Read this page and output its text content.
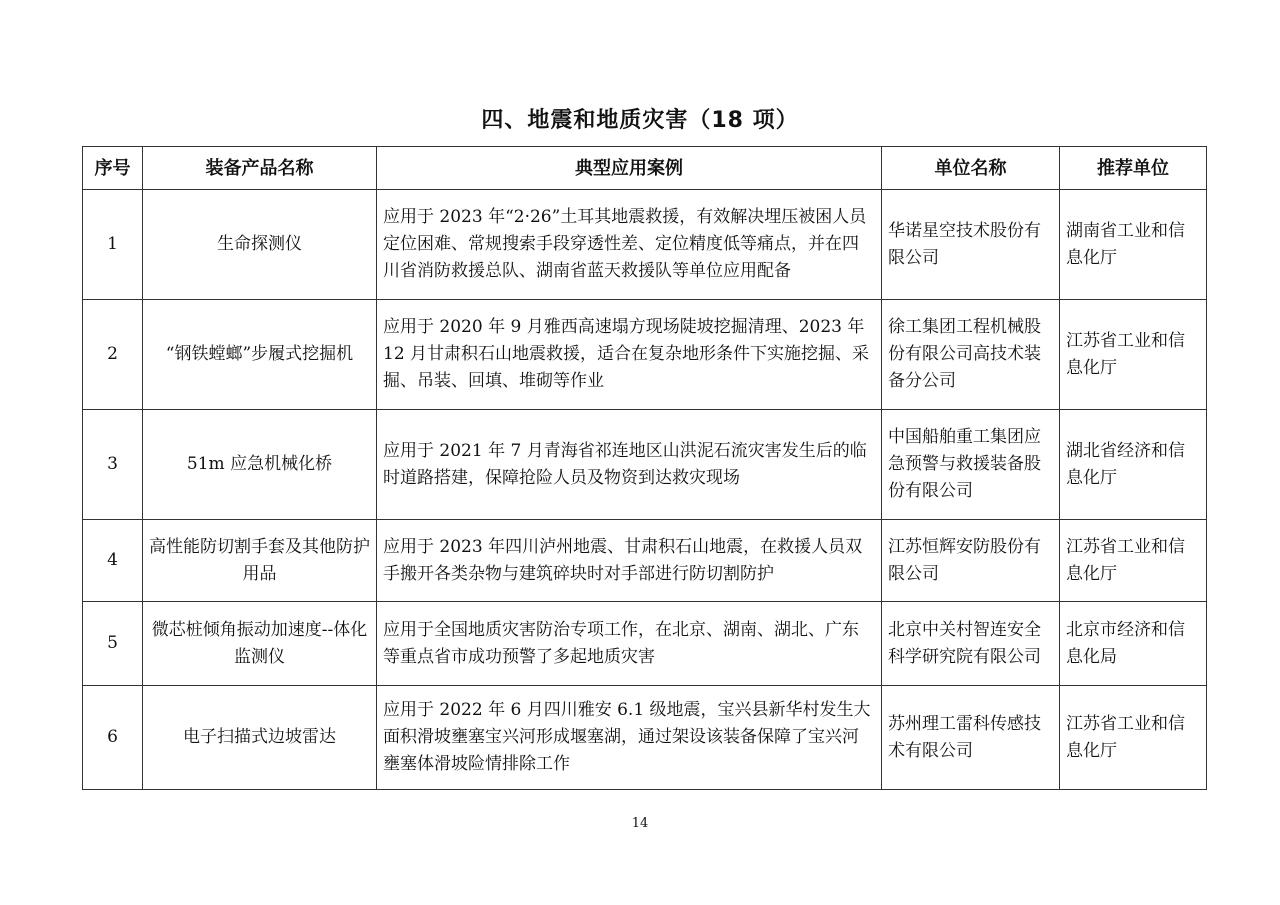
四、地震和地质灾害（18 项）
序号	装备产品名称	典型应用案例	单位名称	推荐单位
1	生命探测仪	应用于 2023 年“2·26”土耳其地震救援，有效解决埋压被困人员定位困难、常规搜索手段穿透性差、定位精度低等痛点，并在四川省消防救援总队、湖南省蓝天救援队等单位应用配备	华诺星空技术股份有限公司	湖南省工业和信息化厅
2	“钢铁螳螂”步履式挖掘机	应用于 2020 年 9 月雅西高速塌方现场陡坡挖掘清理、2023 年 12 月甘肃积石山地震救援，适合在复杂地形条件下实施挖掘、采掘、吊装、回填、堆砌等作业	徐工集团工程机械股份有限公司高技术装备分公司	江苏省工业和信息化厅
3	51m 应急机械化桥	应用于 2021 年 7 月青海省祁连地区山洪泥石流灾害发生后的临时道路搭建，保障抢险人员及物资到达救灾现场	中国船舶重工集团应急预警与救援装备股份有限公司	湖北省经济和信息化厅
4	高性能防切割手套及其他防护用品	应用于 2023 年四川泸州地震、甘肃积石山地震，在救援人员双手搬开各类杂物与建筑碎块时对手部进行防切割防护	江苏恒辉安防股份有限公司	江苏省工业和信息化厅
5	微芯桩倾角振动加速度--体化监测仪	应用于全国地质灾害防治专项工作，在北京、湖南、湖北、广东等重点省市成功预警了多起地质灾害	北京中关村智连安全科学研究院有限公司	北京市经济和信息化局
6	电子扫描式边坡雷达	应用于 2022 年 6 月四川雅安 6.1 级地震，宝兴县新华村发生大面积滑坡壅塞宝兴河形成堰塞湖，通过架设该装备保障了宝兴河壅塞体滑坡险情排除工作	苏州理工雷科传感技术有限公司	江苏省工业和信息化厅
14
